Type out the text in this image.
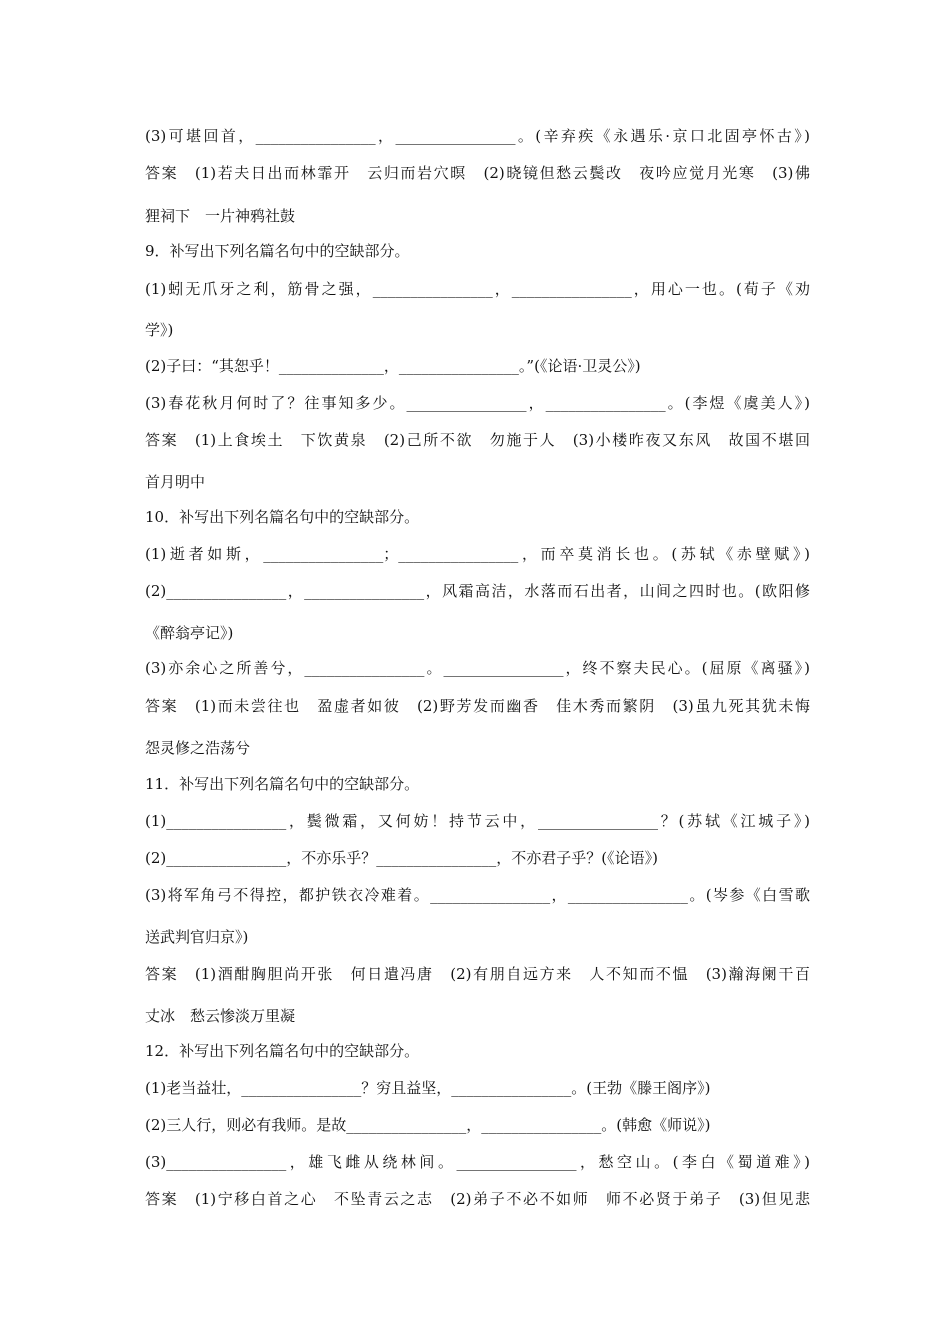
(3)可堪回首，________________，________________。(辛弃疾《永遇乐·京口北固亭怀古》)
答案　(1)若夫日出而林霏开　云归而岩穴暝　(2)晓镜但愁云鬓改　夜吟应觉月光寒　(3)佛
狸祠下　一片神鸦社鼓
9．补写出下列名篇名句中的空缺部分。
(1)蚓无爪牙之利，筋骨之强，________________，________________，用心一也。(荀子《劝
学》)
(2)子曰：“其恕乎！______________，________________。”(《论语·卫灵公》)
(3)春花秋月何时了？往事知多少。________________，________________。(李煜《虞美人》)
答案　(1)上食埃土　下饮黄泉　(2)己所不欲　勿施于人　(3)小楼昨夜又东风　故国不堪回
首月明中
10．补写出下列名篇名句中的空缺部分。
(1)逝者如斯，________________；________________，而卒莫消长也。(苏轼《赤壁赋》)
(2)________________，________________，风霜高洁，水落而石出者，山间之四时也。(欧阳修
《醉翁亭记》)
(3)亦余心之所善兮，________________。________________，终不察夫民心。(屈原《离骚》)
答案　(1)而未尝往也　盈虚者如彼　(2)野芳发而幽香　佳木秀而繁阴　(3)虽九死其犹未悔
怨灵修之浩荡兮
11．补写出下列名篇名句中的空缺部分。
(1)________________，鬓微霜，又何妨！持节云中，________________？(苏轼《江城子》)
(2)________________，不亦乐乎？________________，不亦君子乎？(《论语》)
(3)将军角弓不得控，都护铁衣冷难着。________________，________________。(岑参《白雪歌
送武判官归京》)
答案　(1)酒酣胸胆尚开张　何日遣冯唐　(2)有朋自远方来　人不知而不愠　(3)瀚海阑干百
丈冰　愁云惨淡万里凝
12．补写出下列名篇名句中的空缺部分。
(1)老当益壮，________________？穷且益坚，________________。(王勃《滕王阁序》)
(2)三人行，则必有我师。是故________________，________________。(韩愈《师说》)
(3)________________，雄飞雌从绕林间。________________，愁空山。(李白《蜀道难》)
答案　(1)宁移白首之心　不坠青云之志　(2)弟子不必不如师　师不必贤于弟子　(3)但见悲
